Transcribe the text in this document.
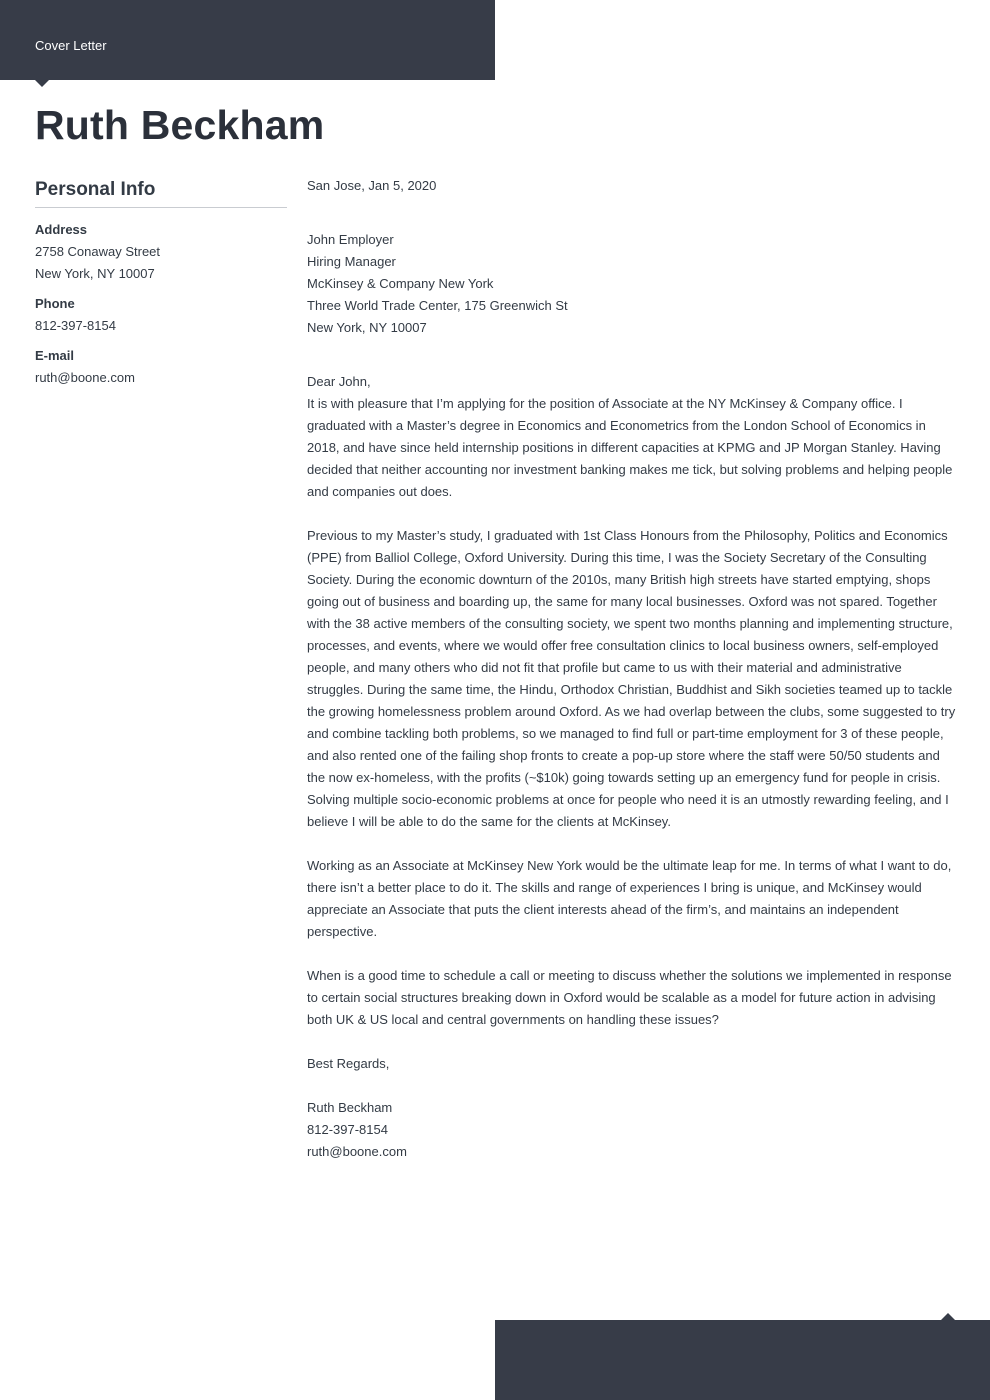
Cover Letter
Ruth Beckham
Personal Info
Address
2758 Conaway Street
New York, NY 10007
Phone
812-397-8154
E-mail
ruth@boone.com

San Jose, Jan 5, 2020

John Employer
Hiring Manager
McKinsey & Company New York
Three World Trade Center, 175 Greenwich St
New York, NY 10007

Dear John,

It is with pleasure that I’m applying for the position of Associate at the NY McKinsey & Company office. I graduated with a Master’s degree in Economics and Econometrics from the London School of Economics in 2018, and have since held internship positions in different capacities at KPMG and JP Morgan Stanley. Having decided that neither accounting nor investment banking makes me tick, but solving problems and helping people and companies out does.

Previous to my Master’s study, I graduated with 1st Class Honours from the Philosophy, Politics and Economics (PPE) from Balliol College, Oxford University. During this time, I was the Society Secretary of the Consulting Society. During the economic downturn of the 2010s, many British high streets have started emptying, shops going out of business and boarding up, the same for many local businesses. Oxford was not spared. Together with the 38 active members of the consulting society, we spent two months planning and implementing structure, processes, and events, where we would offer free consultation clinics to local business owners, self-employed people, and many others who did not fit that profile but came to us with their material and administrative struggles. During the same time, the Hindu, Orthodox Christian, Buddhist and Sikh societies teamed up to tackle the growing homelessness problem around Oxford. As we had overlap between the clubs, some suggested to try and combine tackling both problems, so we managed to find full or part-time employment for 3 of these people, and also rented one of the failing shop fronts to create a pop-up store where the staff were 50/50 students and the now ex-homeless, with the profits (~$10k) going towards setting up an emergency fund for people in crisis. Solving multiple socio-economic problems at once for people who need it is an utmostly rewarding feeling, and I believe I will be able to do the same for the clients at McKinsey.

Working as an Associate at McKinsey New York would be the ultimate leap for me. In terms of what I want to do, there isn’t a better place to do it. The skills and range of experiences I bring is unique, and McKinsey would appreciate an Associate that puts the client interests ahead of the firm’s, and maintains an independent perspective.

When is a good time to schedule a call or meeting to discuss whether the solutions we implemented in response to certain social structures breaking down in Oxford would be scalable as a model for future action in advising both UK & US local and central governments on handling these issues?

Best Regards,

Ruth Beckham
812-397-8154
ruth@boone.com
